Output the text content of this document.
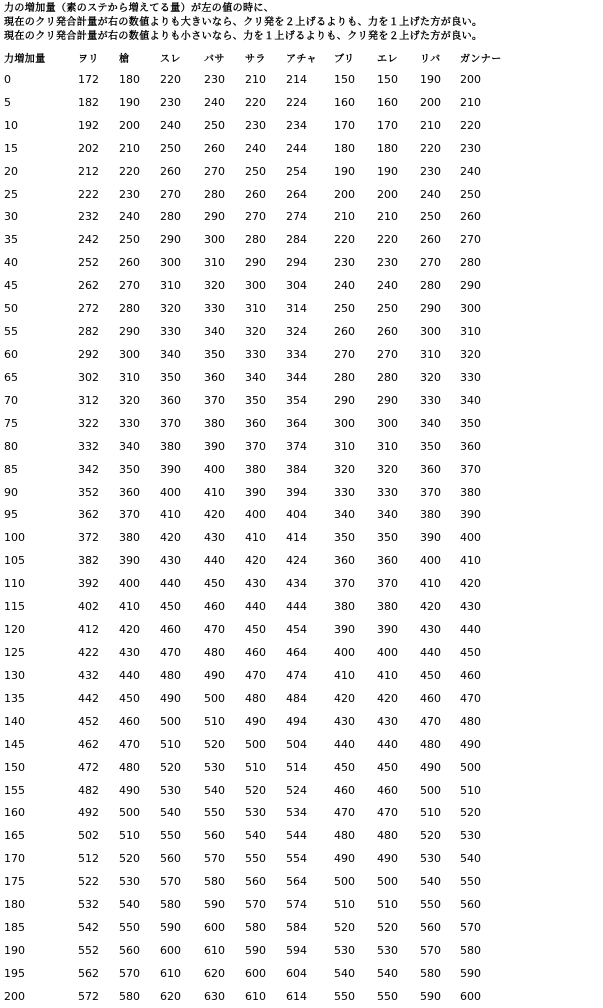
力の増加量（素のステから増えてる量）が左の値の時に、
現在のクリ発合計量が右の数値よりも大きいなら、クリ発を２上げるよりも、力を１上げた方が良い。
現在のクリ発合計量が右の数値よりも小さいなら、力を１上げるよりも、クリ発を２上げた方が良い。
力増加量	ヲリ	槍	スレ	バサ	サラ	アチャ	ブリ	エレ	リバ	ガンナー
0	172	180	220	230	210	214	150	150	190	200
5	182	190	230	240	220	224	160	160	200	210
10	192	200	240	250	230	234	170	170	210	220
15	202	210	250	260	240	244	180	180	220	230
20	212	220	260	270	250	254	190	190	230	240
25	222	230	270	280	260	264	200	200	240	250
30	232	240	280	290	270	274	210	210	250	260
35	242	250	290	300	280	284	220	220	260	270
40	252	260	300	310	290	294	230	230	270	280
45	262	270	310	320	300	304	240	240	280	290
50	272	280	320	330	310	314	250	250	290	300
55	282	290	330	340	320	324	260	260	300	310
60	292	300	340	350	330	334	270	270	310	320
65	302	310	350	360	340	344	280	280	320	330
70	312	320	360	370	350	354	290	290	330	340
75	322	330	370	380	360	364	300	300	340	350
80	332	340	380	390	370	374	310	310	350	360
85	342	350	390	400	380	384	320	320	360	370
90	352	360	400	410	390	394	330	330	370	380
95	362	370	410	420	400	404	340	340	380	390
100	372	380	420	430	410	414	350	350	390	400
105	382	390	430	440	420	424	360	360	400	410
110	392	400	440	450	430	434	370	370	410	420
115	402	410	450	460	440	444	380	380	420	430
120	412	420	460	470	450	454	390	390	430	440
125	422	430	470	480	460	464	400	400	440	450
130	432	440	480	490	470	474	410	410	450	460
135	442	450	490	500	480	484	420	420	460	470
140	452	460	500	510	490	494	430	430	470	480
145	462	470	510	520	500	504	440	440	480	490
150	472	480	520	530	510	514	450	450	490	500
155	482	490	530	540	520	524	460	460	500	510
160	492	500	540	550	530	534	470	470	510	520
165	502	510	550	560	540	544	480	480	520	530
170	512	520	560	570	550	554	490	490	530	540
175	522	530	570	580	560	564	500	500	540	550
180	532	540	580	590	570	574	510	510	550	560
185	542	550	590	600	580	584	520	520	560	570
190	552	560	600	610	590	594	530	530	570	580
195	562	570	610	620	600	604	540	540	580	590
200	572	580	620	630	610	614	550	550	590	600
